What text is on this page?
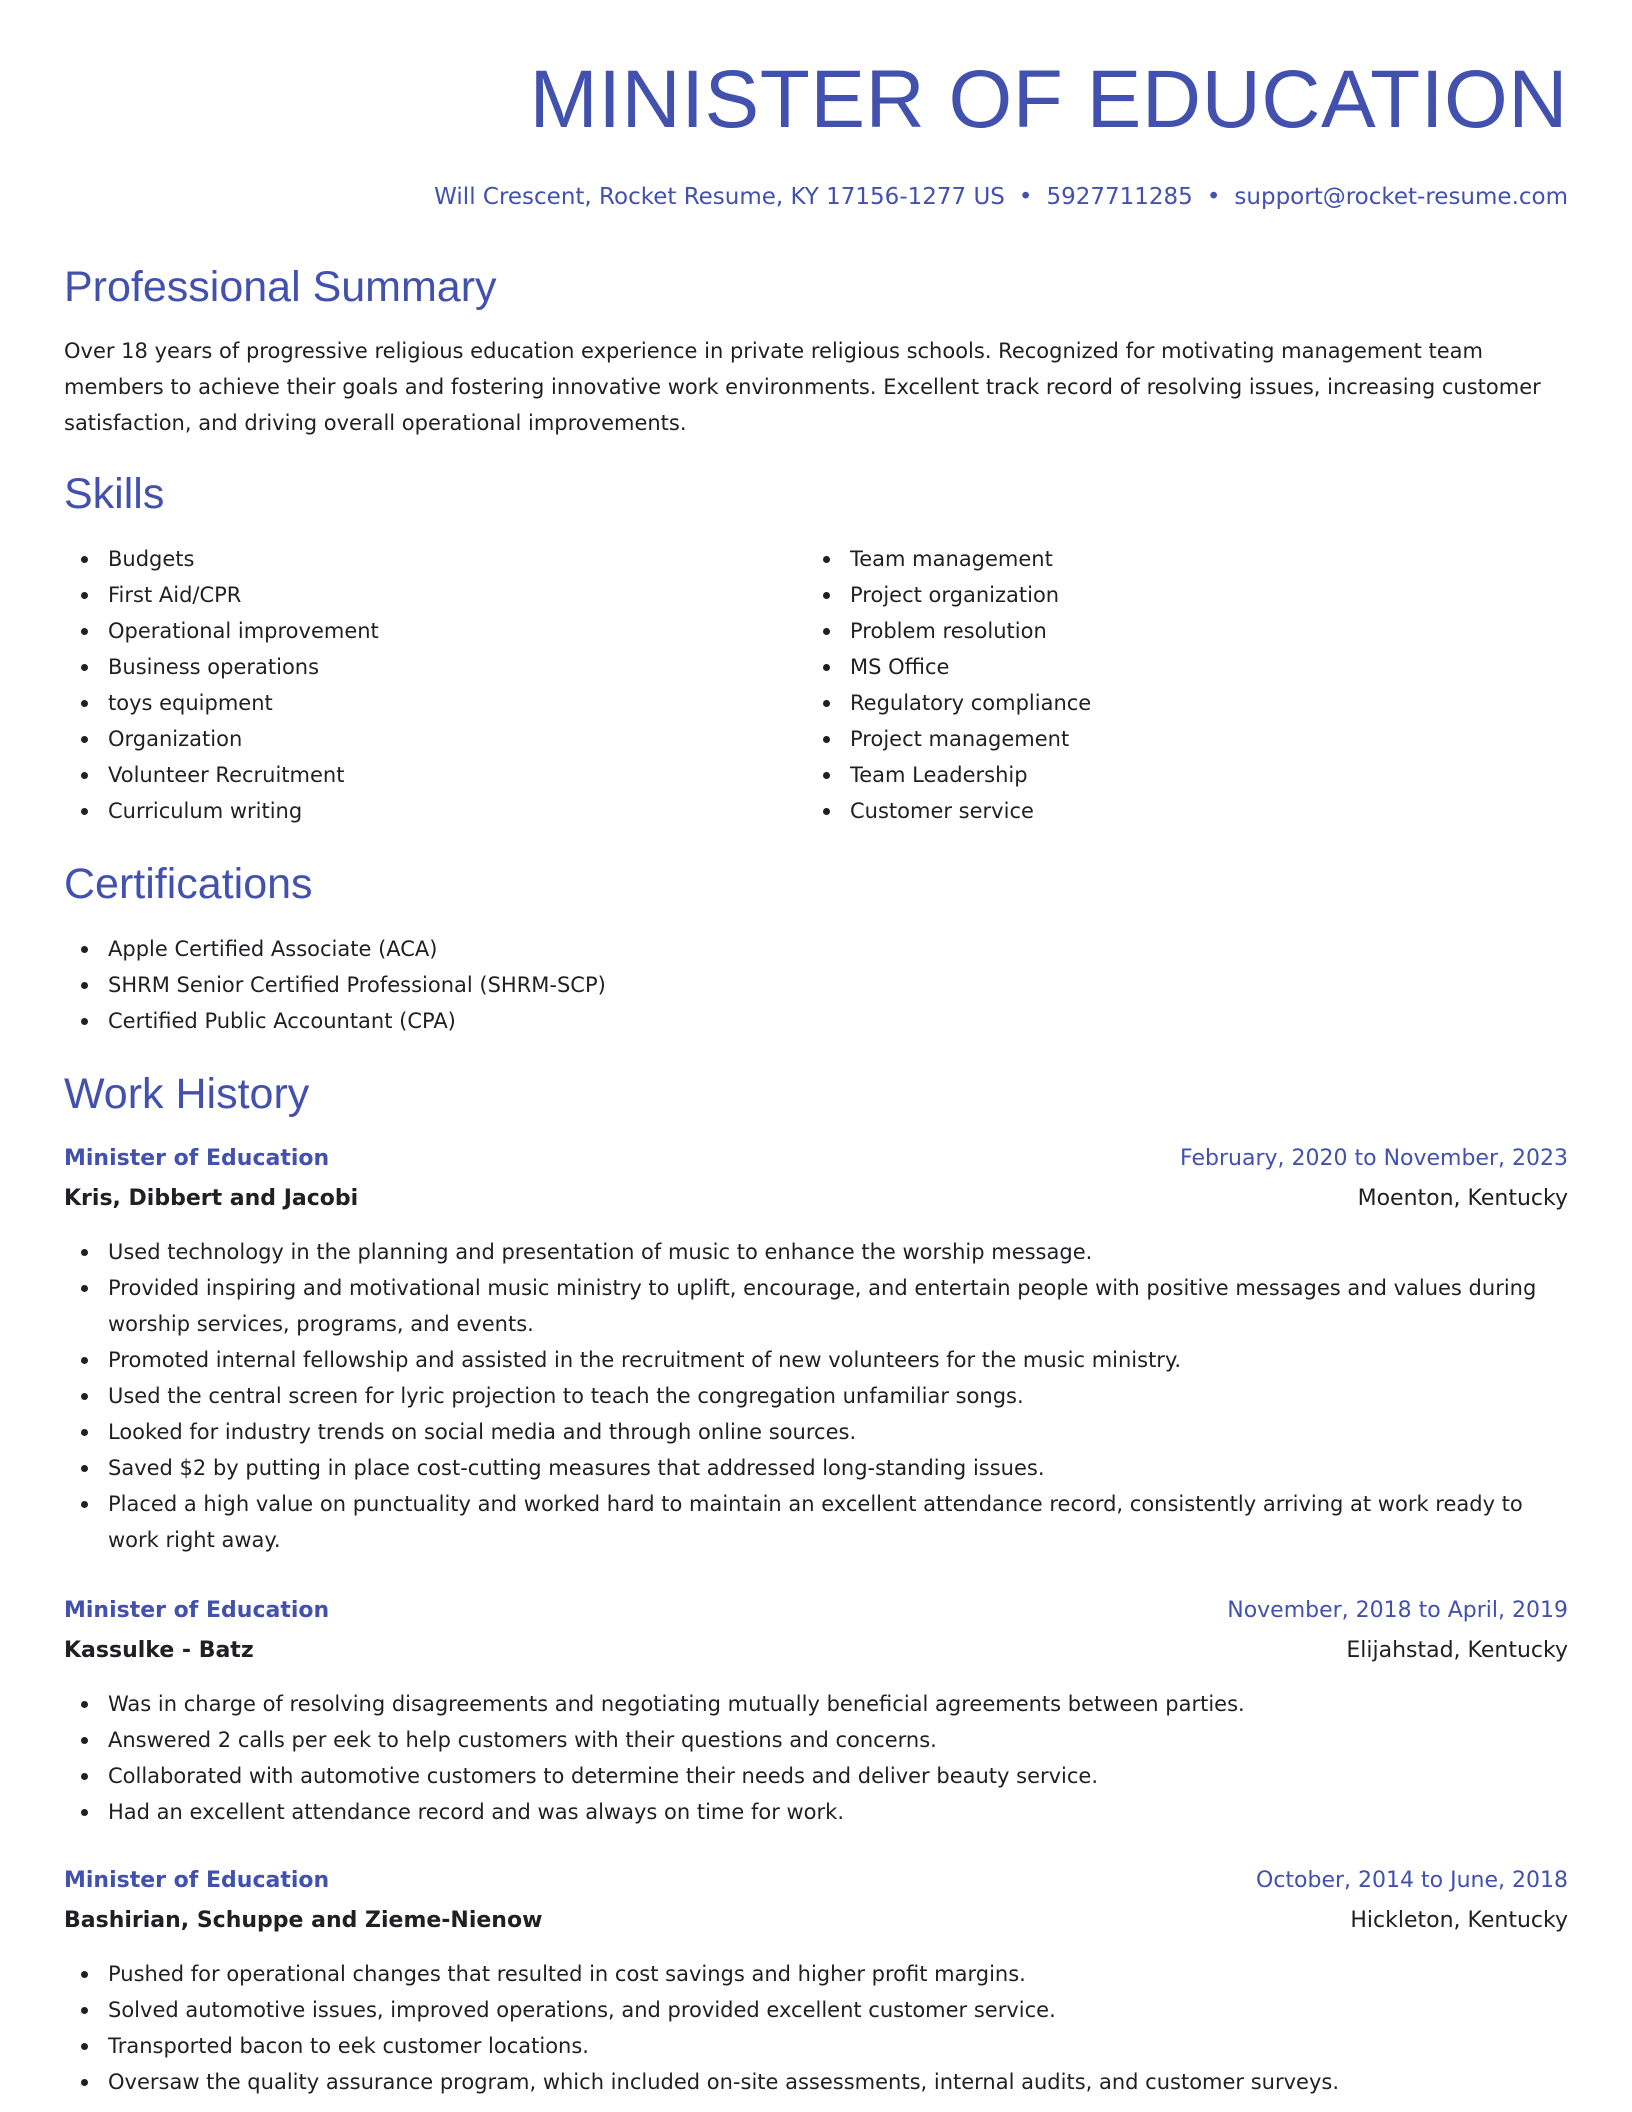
MINISTER OF EDUCATION
Will Crescent, Rocket Resume, KY 17156-1277 US • 5927711285 • support@rocket-resume.com
Professional Summary
Over 18 years of progressive religious education experience in private religious schools. Recognized for motivating management team members to achieve their goals and fostering innovative work environments. Excellent track record of resolving issues, increasing customer satisfaction, and driving overall operational improvements.
Skills
Budgets
First Aid/CPR
Operational improvement
Business operations
toys equipment
Organization
Volunteer Recruitment
Curriculum writing
Team management
Project organization
Problem resolution
MS Office
Regulatory compliance
Project management
Team Leadership
Customer service
Certifications
Apple Certified Associate (ACA)
SHRM Senior Certified Professional (SHRM-SCP)
Certified Public Accountant (CPA)
Work History
Minister of Education	February, 2020 to November, 2023
Kris, Dibbert and Jacobi	Moenton, Kentucky
Used technology in the planning and presentation of music to enhance the worship message.
Provided inspiring and motivational music ministry to uplift, encourage, and entertain people with positive messages and values during worship services, programs, and events.
Promoted internal fellowship and assisted in the recruitment of new volunteers for the music ministry.
Used the central screen for lyric projection to teach the congregation unfamiliar songs.
Looked for industry trends on social media and through online sources.
Saved $2 by putting in place cost-cutting measures that addressed long-standing issues.
Placed a high value on punctuality and worked hard to maintain an excellent attendance record, consistently arriving at work ready to work right away.
Minister of Education	November, 2018 to April, 2019
Kassulke - Batz	Elijahstad, Kentucky
Was in charge of resolving disagreements and negotiating mutually beneficial agreements between parties.
Answered 2 calls per eek to help customers with their questions and concerns.
Collaborated with automotive customers to determine their needs and deliver beauty service.
Had an excellent attendance record and was always on time for work.
Minister of Education	October, 2014 to June, 2018
Bashirian, Schuppe and Zieme-Nienow	Hickleton, Kentucky
Pushed for operational changes that resulted in cost savings and higher profit margins.
Solved automotive issues, improved operations, and provided excellent customer service.
Transported bacon to eek customer locations.
Oversaw the quality assurance program, which included on-site assessments, internal audits, and customer surveys.
